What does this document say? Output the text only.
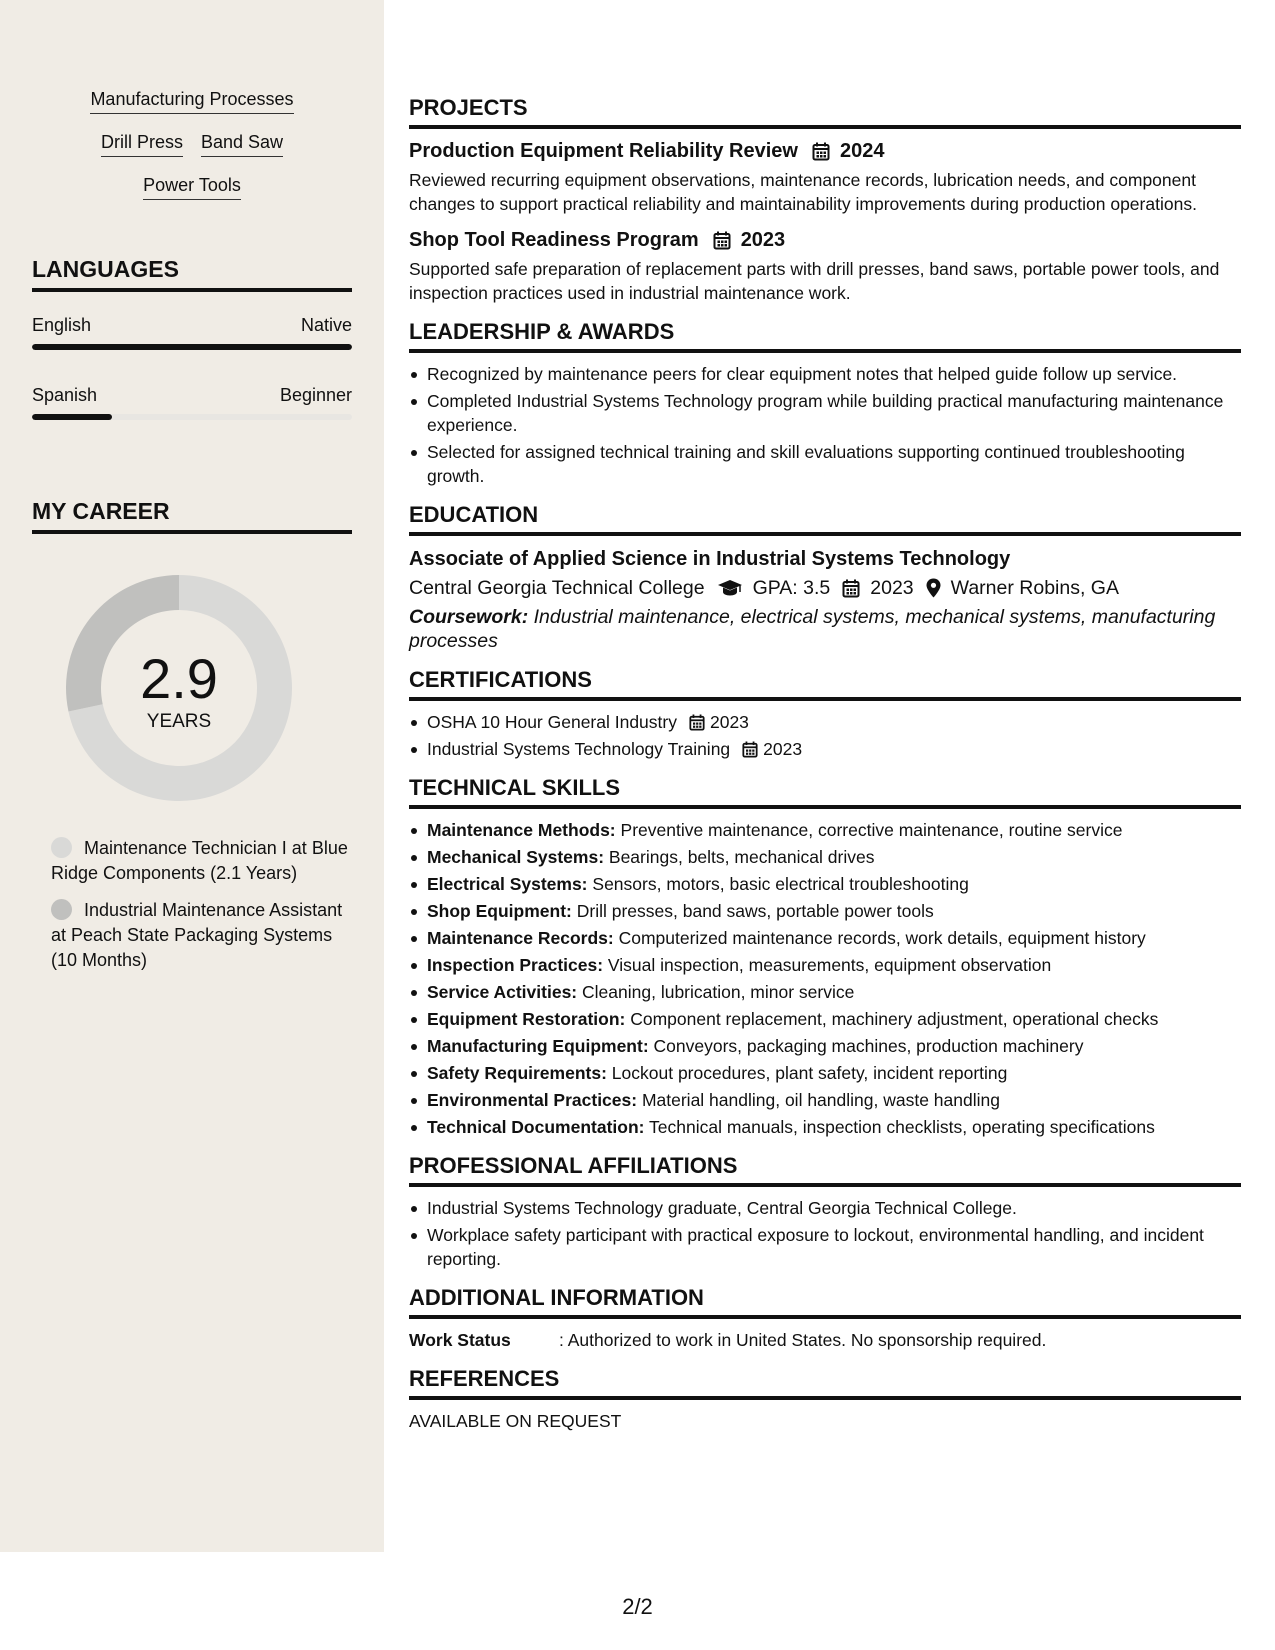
Manufacturing Processes
Drill Press Band Saw
Power Tools
LANGUAGES
English	Native
Spanish	Beginner
MY CAREER
2.9
YEARS
Maintenance Technician I at Blue Ridge Components (2.1 Years)
Industrial Maintenance Assistant at Peach State Packaging Systems (10 Months)
PROJECTS
Production Equipment Reliability Review 2024
Reviewed recurring equipment observations, maintenance records, lubrication needs, and component changes to support practical reliability and maintainability improvements during production operations.
Shop Tool Readiness Program 2023
Supported safe preparation of replacement parts with drill presses, band saws, portable power tools, and inspection practices used in industrial maintenance work.
LEADERSHIP & AWARDS
Recognized by maintenance peers for clear equipment notes that helped guide follow up service.
Completed Industrial Systems Technology program while building practical manufacturing maintenance experience.
Selected for assigned technical training and skill evaluations supporting continued troubleshooting growth.
EDUCATION
Associate of Applied Science in Industrial Systems Technology
Central Georgia Technical College GPA: 3.5 2023 Warner Robins, GA
Coursework: Industrial maintenance, electrical systems, mechanical systems, manufacturing processes
CERTIFICATIONS
OSHA 10 Hour General Industry 2023
Industrial Systems Technology Training 2023
TECHNICAL SKILLS
Maintenance Methods: Preventive maintenance, corrective maintenance, routine service
Mechanical Systems: Bearings, belts, mechanical drives
Electrical Systems: Sensors, motors, basic electrical troubleshooting
Shop Equipment: Drill presses, band saws, portable power tools
Maintenance Records: Computerized maintenance records, work details, equipment history
Inspection Practices: Visual inspection, measurements, equipment observation
Service Activities: Cleaning, lubrication, minor service
Equipment Restoration: Component replacement, machinery adjustment, operational checks
Manufacturing Equipment: Conveyors, packaging machines, production machinery
Safety Requirements: Lockout procedures, plant safety, incident reporting
Environmental Practices: Material handling, oil handling, waste handling
Technical Documentation: Technical manuals, inspection checklists, operating specifications
PROFESSIONAL AFFILIATIONS
Industrial Systems Technology graduate, Central Georgia Technical College.
Workplace safety participant with practical exposure to lockout, environmental handling, and incident reporting.
ADDITIONAL INFORMATION
Work Status	: Authorized to work in United States. No sponsorship required.
REFERENCES
AVAILABLE ON REQUEST
2/2
